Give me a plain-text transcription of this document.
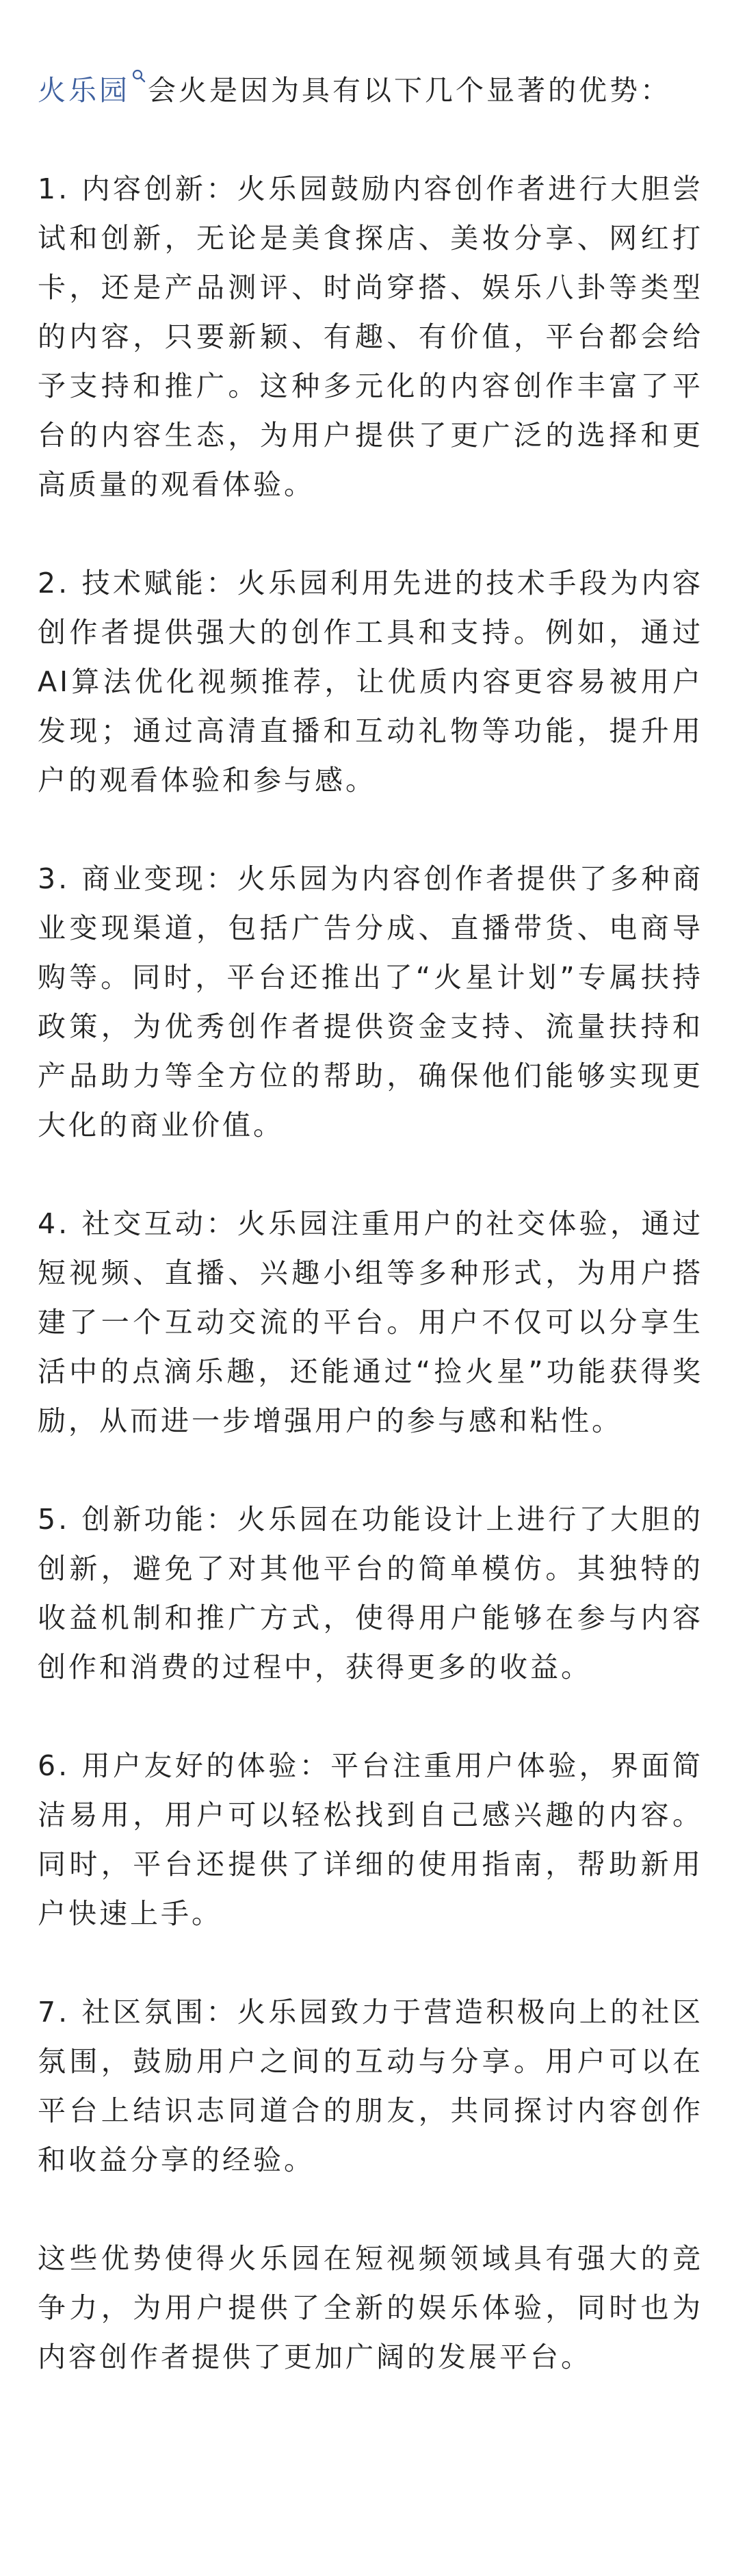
火乐园 会火是因为具有以下几个显著的优势：

1. 内容创新：火乐园鼓励内容创作者进行大胆尝试和创新，无论是美食探店、美妆分享、网红打卡，还是产品测评、时尚穿搭、娱乐八卦等类型的内容，只要新颖、有趣、有价值，平台都会给予支持和推广。这种多元化的内容创作丰富了平台的内容生态，为用户提供了更广泛的选择和更高质量的观看体验。

2. 技术赋能：火乐园利用先进的技术手段为内容创作者提供强大的创作工具和支持。例如，通过AI算法优化视频推荐，让优质内容更容易被用户发现；通过高清直播和互动礼物等功能，提升用户的观看体验和参与感。

3. 商业变现：火乐园为内容创作者提供了多种商业变现渠道，包括广告分成、直播带货、电商导购等。同时，平台还推出了“火星计划”专属扶持政策，为优秀创作者提供资金支持、流量扶持和产品助力等全方位的帮助，确保他们能够实现更大化的商业价值。

4. 社交互动：火乐园注重用户的社交体验，通过短视频、直播、兴趣小组等多种形式，为用户搭建了一个互动交流的平台。用户不仅可以分享生活中的点滴乐趣，还能通过“捡火星”功能获得奖励，从而进一步增强用户的参与感和粘性。

5. 创新功能：火乐园在功能设计上进行了大胆的创新，避免了对其他平台的简单模仿。其独特的收益机制和推广方式，使得用户能够在参与内容创作和消费的过程中，获得更多的收益。

6. 用户友好的体验：平台注重用户体验，界面简洁易用，用户可以轻松找到自己感兴趣的内容。同时，平台还提供了详细的使用指南，帮助新用户快速上手。

7. 社区氛围：火乐园致力于营造积极向上的社区氛围，鼓励用户之间的互动与分享。用户可以在平台上结识志同道合的朋友，共同探讨内容创作和收益分享的经验。

这些优势使得火乐园在短视频领域具有强大的竞争力，为用户提供了全新的娱乐体验，同时也为内容创作者提供了更加广阔的发展平台。
